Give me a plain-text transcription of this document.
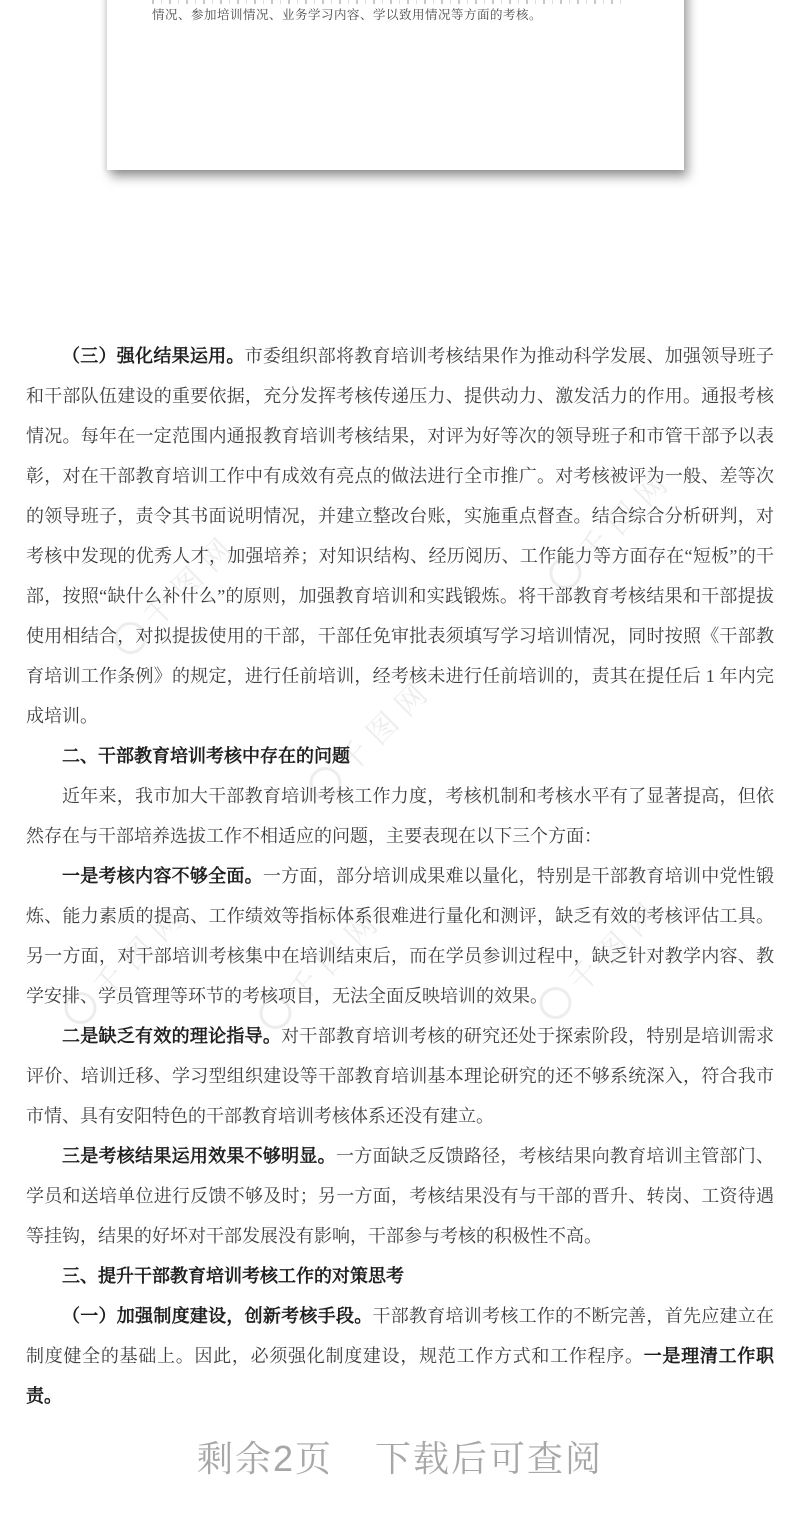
情况、参加培训情况、业务学习内容、学以致用情况等方面的考核。
千图网
千图网
千图网
千图网	千图网	千图网

（三）强化结果运用。市委组织部将教育培训考核结果作为推动科学发展、加强领导班子和干部队伍建设的重要依据，充分发挥考核传递压力、提供动力、激发活力的作用。通报考核情况。每年在一定范围内通报教育培训考核结果，对评为好等次的领导班子和市管干部予以表彰，对在干部教育培训工作中有成效有亮点的做法进行全市推广。对考核被评为一般、差等次的领导班子，责令其书面说明情况，并建立整改台账，实施重点督查。结合综合分析研判，对考核中发现的优秀人才，加强培养；对知识结构、经历阅历、工作能力等方面存在“短板”的干部，按照“缺什么补什么”的原则，加强教育培训和实践锻炼。将干部教育考核结果和干部提拔使用相结合，对拟提拔使用的干部，干部任免审批表须填写学习培训情况，同时按照《干部教育培训工作条例》的规定，进行任前培训，经考核未进行任前培训的，责其在提任后 1 年内完成培训。

二、干部教育培训考核中存在的问题

近年来，我市加大干部教育培训考核工作力度，考核机制和考核水平有了显著提高，但依然存在与干部培养选拔工作不相适应的问题，主要表现在以下三个方面：

一是考核内容不够全面。一方面，部分培训成果难以量化，特别是干部教育培训中党性锻炼、能力素质的提高、工作绩效等指标体系很难进行量化和测评，缺乏有效的考核评估工具。另一方面，对干部培训考核集中在培训结束后，而在学员参训过程中，缺乏针对教学内容、教学安排、学员管理等环节的考核项目，无法全面反映培训的效果。

二是缺乏有效的理论指导。对干部教育培训考核的研究还处于探索阶段，特别是培训需求评价、培训迁移、学习型组织建设等干部教育培训基本理论研究的还不够系统深入，符合我市市情、具有安阳特色的干部教育培训考核体系还没有建立。

三是考核结果运用效果不够明显。一方面缺乏反馈路径，考核结果向教育培训主管部门、学员和送培单位进行反馈不够及时；另一方面，考核结果没有与干部的晋升、转岗、工资待遇等挂钩，结果的好坏对干部发展没有影响，干部参与考核的积极性不高。

三、提升干部教育培训考核工作的对策思考

（一）加强制度建设，创新考核手段。干部教育培训考核工作的不断完善，首先应建立在制度健全的基础上。因此，必须强化制度建设，规范工作方式和工作程序。一是理清工作职责。

剩余2页 下载后可查阅
